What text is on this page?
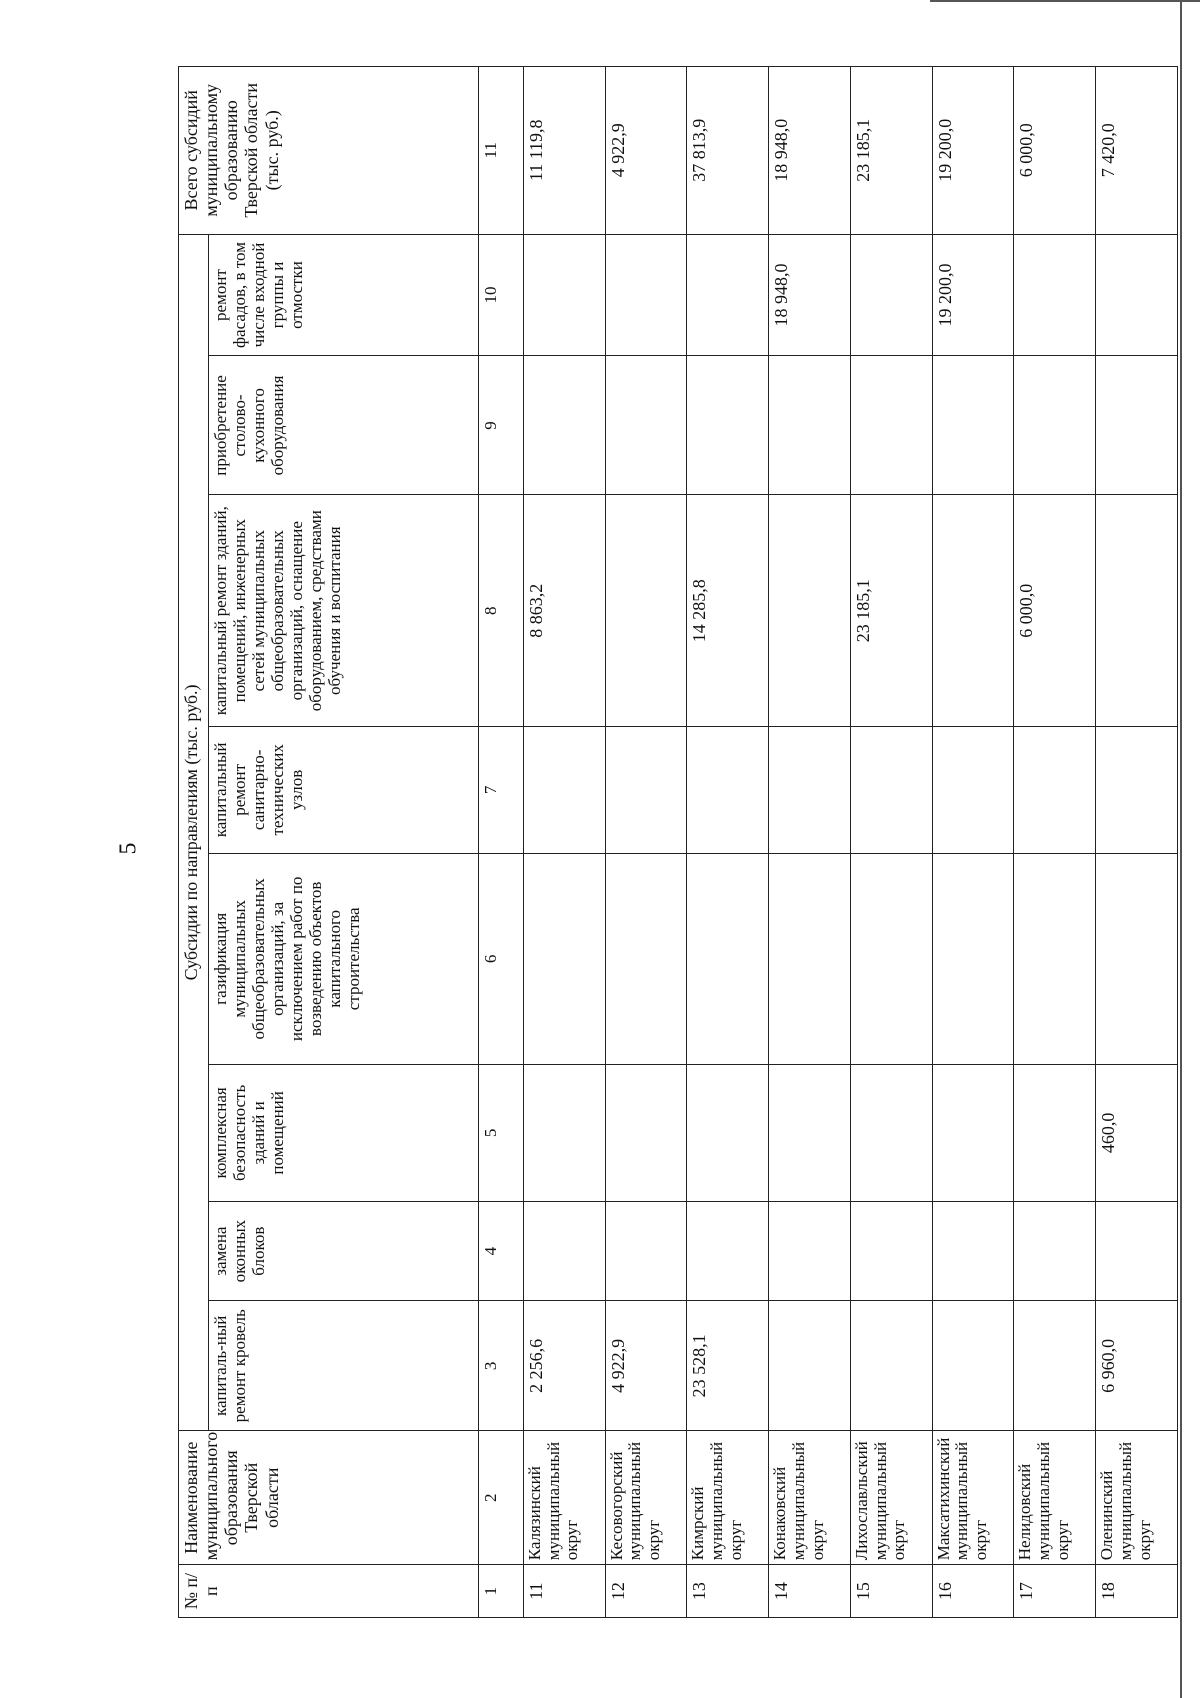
5
№ п/п	Наименование муниципального образования Тверской области	Субсидии по направлениям (тыс. руб.)								Всего субсидий муниципальному образованию Тверской области (тыс. руб.)
		капиталь-ный ремонт кровель	замена оконных блоков	комплексная безопасность зданий и помещений	газификация муниципальных общеобразовательных организаций, за исключением работ по возведению объектов капитального строительства	капитальный ремонт санитарно-технических узлов	капитальный ремонт зданий, помещений, инженерных сетей муниципальных общеобразовательных организаций, оснащение оборудованием, средствами обучения и воспитания	приобретение столово-кухонного оборудования	ремонт фасадов, в том числе входной группы и отмостки	
1	2	3	4	5	6	7	8	9	10	11
11	Калязинский муниципальный округ	2 256,6					8 863,2			11 119,8
12	Кесовогорский муниципальный округ	4 922,9								4 922,9
13	Кимрский муниципальный округ	23 528,1					14 285,8			37 813,9
14	Конаковский муниципальный округ								18 948,0	18 948,0
15	Лихославльский муниципальный округ						23 185,1			23 185,1
16	Максатихинский муниципальный округ								19 200,0	19 200,0
17	Нелидовский муниципальный округ						6 000,0			6 000,0
18	Оленинский муниципальный округ	6 960,0		460,0						7 420,0
